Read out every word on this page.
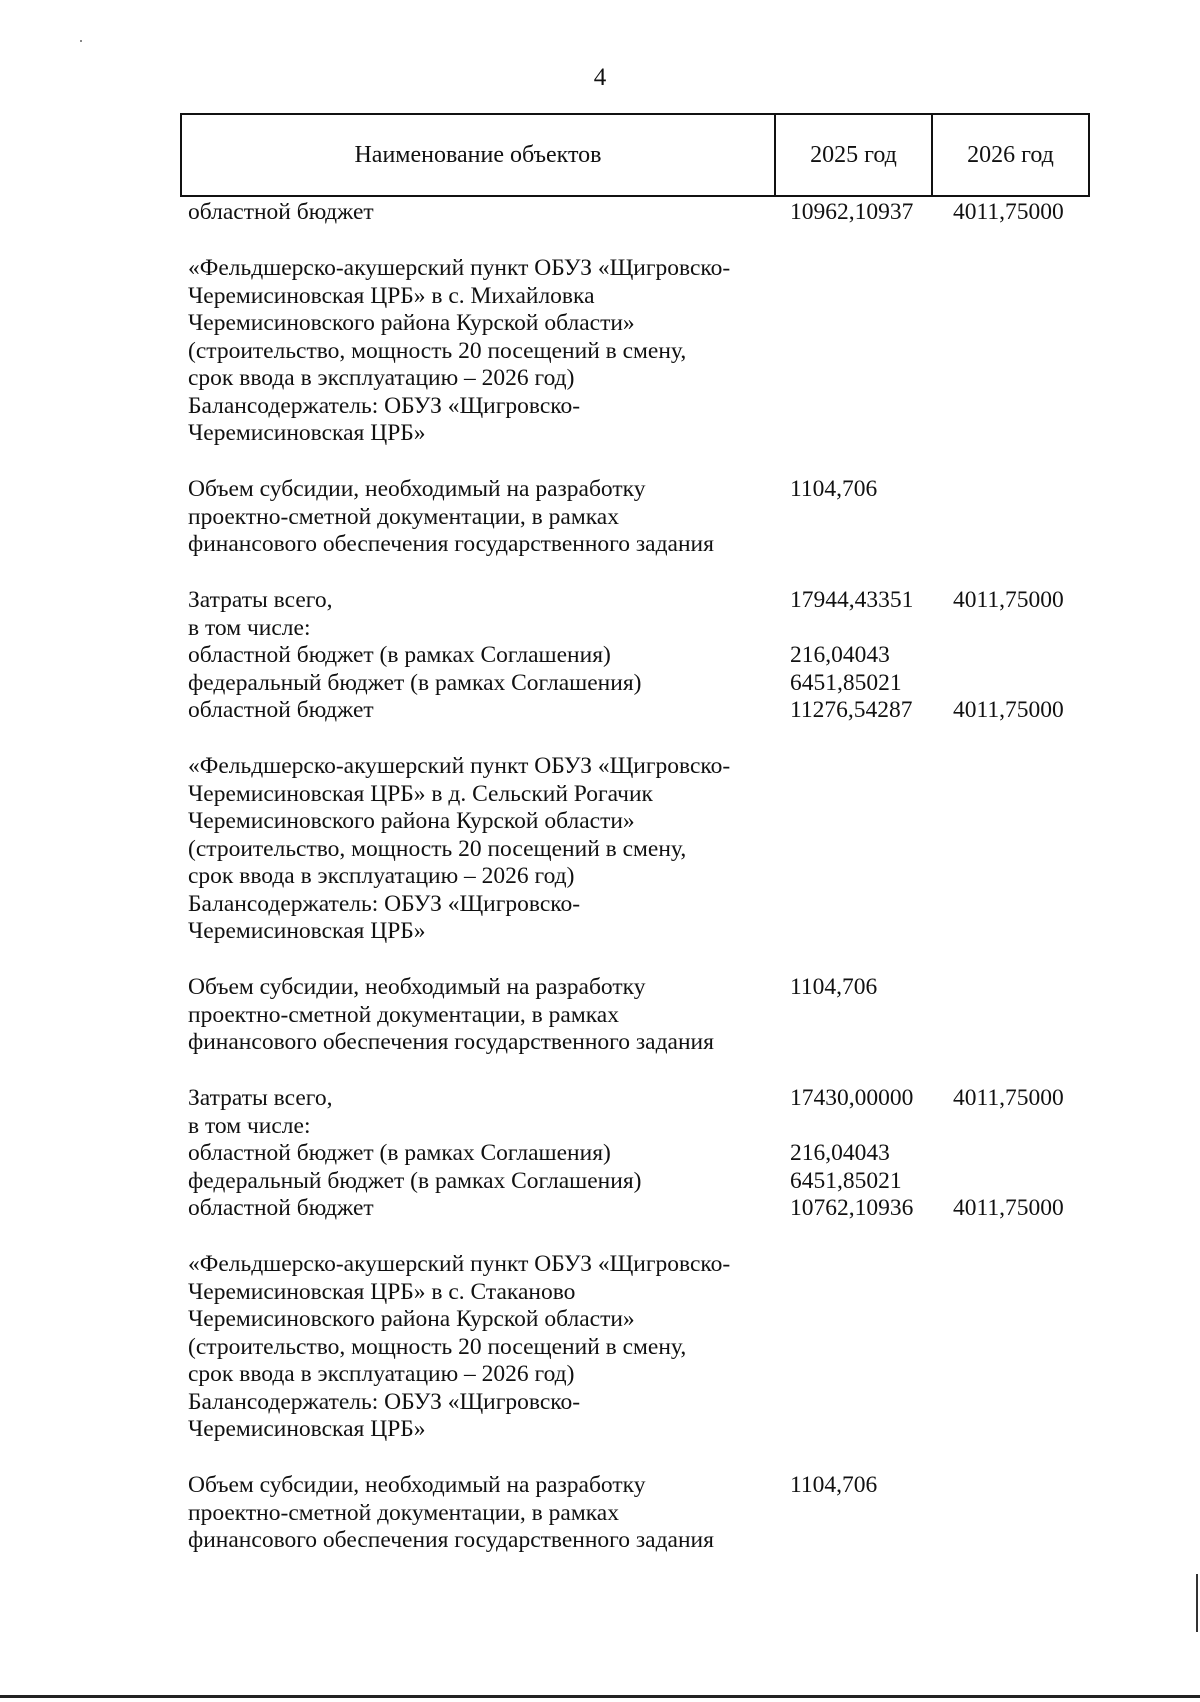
4
Наименование объектов	2025 год	2026 год
областной бюджет	10962,10937 4011,75000
«Фельдшерско-акушерский пункт ОБУЗ «Щигровско-
Черемисиновская ЦРБ» в с. Михайловка
Черемисиновского района Курской области»
(строительство, мощность 20 посещений в смену,
срок ввода в эксплуатацию – 2026 год)
Балансодержатель: ОБУЗ «Щигровско-
Черемисиновская ЦРБ»
Объем субсидии, необходимый на разработку	1104,706
проектно-сметной документации, в рамках
финансового обеспечения государственного задания
Затраты всего,	17944,43351 4011,75000
в том числе:
областной бюджет (в рамках Соглашения)	216,04043
федеральный бюджет (в рамках Соглашения)	6451,85021
областной бюджет	11276,54287 4011,75000
«Фельдшерско-акушерский пункт ОБУЗ «Щигровско-
Черемисиновская ЦРБ» в д. Сельский Рогачик
Черемисиновского района Курской области»
(строительство, мощность 20 посещений в смену,
срок ввода в эксплуатацию – 2026 год)
Балансодержатель: ОБУЗ «Щигровско-
Черемисиновская ЦРБ»
Объем субсидии, необходимый на разработку	1104,706
проектно-сметной документации, в рамках
финансового обеспечения государственного задания
Затраты всего,	17430,00000 4011,75000
в том числе:
областной бюджет (в рамках Соглашения)	216,04043
федеральный бюджет (в рамках Соглашения)	6451,85021
областной бюджет	10762,10936 4011,75000
«Фельдшерско-акушерский пункт ОБУЗ «Щигровско-
Черемисиновская ЦРБ» в с. Стаканово
Черемисиновского района Курской области»
(строительство, мощность 20 посещений в смену,
срок ввода в эксплуатацию – 2026 год)
Балансодержатель: ОБУЗ «Щигровско-
Черемисиновская ЦРБ»
Объем субсидии, необходимый на разработку	1104,706
проектно-сметной документации, в рамках
финансового обеспечения государственного задания
